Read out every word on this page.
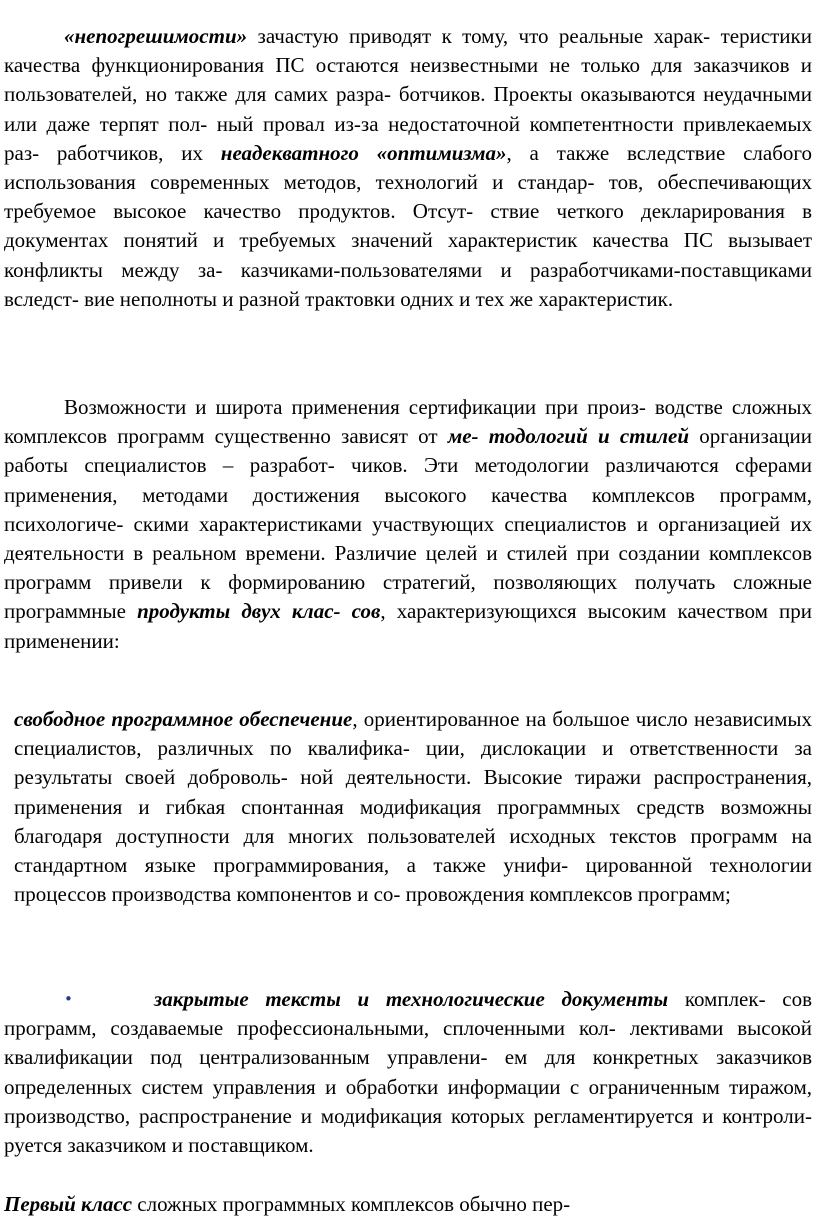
«непогрешимости» зачастую приводят к тому, что реальные харак- теристики качества функционирования ПС остаются неизвестными не только для заказчиков и пользователей, но также для самих разра- ботчиков. Проекты оказываются неудачными или даже терпят пол- ный провал из-за недостаточной компетентности привлекаемых раз- работчиков, их неадекватного «оптимизма», а также вследствие слабого использования современных методов, технологий и стандар- тов, обеспечивающих требуемое высокое качество продуктов. Отсут- ствие четкого декларирования в документах понятий и требуемых значений характеристик качества ПС вызывает конфликты между за- казчиками-пользователями и разработчиками-поставщиками вследст- вие неполноты и разной трактовки одних и тех же характеристик.

Возможности и широта применения сертификации при произ- водстве сложных комплексов программ существенно зависят от ме- тодологий и стилей организации работы специалистов – разработ- чиков. Эти методологии различаются сферами применения, методами достижения высокого качества комплексов программ, психологиче- скими характеристиками участвующих специалистов и организацией их деятельности в реальном времени. Различие целей и стилей при создании комплексов программ привели к формированию стратегий, позволяющих получать сложные программные продукты двух клас- сов, характеризующихся высоким качеством при применении:

свободное программное обеспечение, ориентированное на большое число независимых специалистов, различных по квалифика- ции, дислокации и ответственности за результаты своей доброволь- ной деятельности. Высокие тиражи распространения, применения и гибкая спонтанная модификация программных средств возможны благодаря доступности для многих пользователей исходных текстов программ на стандартном языке программирования, а также унифи- цированной технологии процессов производства компонентов и со- провождения комплексов программ;

•	закрытые тексты и технологические документы комплек- сов программ, создаваемые профессиональными, сплоченными кол- лективами высокой квалификации под централизованным управлени- ем для конкретных заказчиков определенных систем управления и обработки информации с ограниченным тиражом, производство, распространение и модификация которых регламентируется и контроли- руется заказчиком и поставщиком.

Первый класс сложных программных комплексов обычно пер-
